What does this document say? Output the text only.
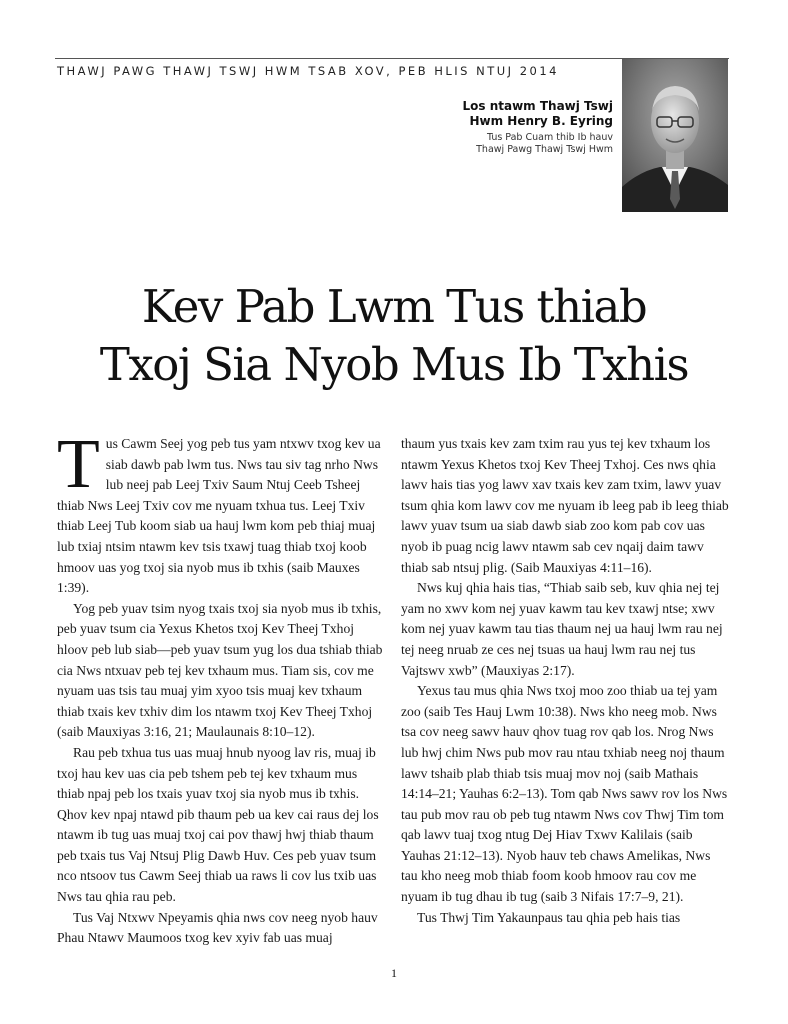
THAWJ PAWG THAWJ TSWJ HWM TSAB XOV, PEB HLIS NTUJ 2014
Los ntawm Thawj Tswj
Hwm Henry B. Eyring
Tus Pab Cuam thib Ib hauv
Thawj Pawg Thawj Tswj Hwm
Kev Pab Lwm Tus thiab
Txoj Sia Nyob Mus Ib Txhis

Tus Cawm Seej yog peb tus yam ntxwv txog kev ua siab dawb pab lwm tus. Nws tau siv tag nrho Nws lub neej pab Leej Txiv Saum Ntuj Ceeb Tsheej thiab Nws Leej Txiv cov me nyuam txhua tus. Leej Txiv thiab Leej Tub koom siab ua hauj lwm kom peb thiaj muaj lub txiaj ntsim ntawm kev tsis txawj tuag thiab txoj koob hmoov uas yog txoj sia nyob mus ib txhis (saib Mauxes 1:39).

Yog peb yuav tsim nyog txais txoj sia nyob mus ib txhis, peb yuav tsum cia Yexus Khetos txoj Kev Theej Txhoj hloov peb lub siab—peb yuav tsum yug los dua tshiab thiab cia Nws ntxuav peb tej kev txhaum mus. Tiam sis, cov me nyuam uas tsis tau muaj yim xyoo tsis muaj kev txhaum thiab txais kev txhiv dim los ntawm txoj Kev Theej Txhoj (saib Mauxiyas 3:16, 21; Maulaunais 8:10–12).

Rau peb txhua tus uas muaj hnub nyoog lav ris, muaj ib txoj hau kev uas cia peb tshem peb tej kev txhaum mus thiab npaj peb los txais yuav txoj sia nyob mus ib txhis. Qhov kev npaj ntawd pib thaum peb ua kev cai raus dej los ntawm ib tug uas muaj txoj cai pov thawj hwj thiab thaum peb txais tus Vaj Ntsuj Plig Dawb Huv. Ces peb yuav tsum nco ntsoov tus Cawm Seej thiab ua raws li cov lus txib uas Nws tau qhia rau peb.

Tus Vaj Ntxwv Npeyamis qhia nws cov neeg nyob hauv Phau Ntawv Maumoos txog kev xyiv fab uas muaj

thaum yus txais kev zam txim rau yus tej kev txhaum los ntawm Yexus Khetos txoj Kev Theej Txhoj. Ces nws qhia lawv hais tias yog lawv xav txais kev zam txim, lawv yuav tsum qhia kom lawv cov me nyuam ib leeg pab ib leeg thiab lawv yuav tsum ua siab dawb siab zoo kom pab cov uas nyob ib puag ncig lawv ntawm sab cev nqaij daim tawv thiab sab ntsuj plig. (Saib Mauxiyas 4:11–16).

Nws kuj qhia hais tias, “Thiab saib seb, kuv qhia nej tej yam no xwv kom nej yuav kawm tau kev txawj ntse; xwv kom nej yuav kawm tau tias thaum nej ua hauj lwm rau nej tej neeg nruab ze ces nej tsuas ua hauj lwm rau nej tus Vajtswv xwb” (Mauxiyas 2:17).

Yexus tau mus qhia Nws txoj moo zoo thiab ua tej yam zoo (saib Tes Hauj Lwm 10:38). Nws kho neeg mob. Nws tsa cov neeg sawv hauv qhov tuag rov qab los. Nrog Nws lub hwj chim Nws pub mov rau ntau txhiab neeg noj thaum lawv tshaib plab thiab tsis muaj mov noj (saib Mathais 14:14–21; Yauhas 6:2–13). Tom qab Nws sawv rov los Nws tau pub mov rau ob peb tug ntawm Nws cov Thwj Tim tom qab lawv tuaj txog ntug Dej Hiav Txwv Kalilais (saib Yauhas 21:12–13). Nyob hauv teb chaws Amelikas, Nws tau kho neeg mob thiab foom koob hmoov rau cov me nyuam ib tug dhau ib tug (saib 3 Nifais 17:7–9, 21).

Tus Thwj Tim Yakaunpaus tau qhia peb hais tias

1
